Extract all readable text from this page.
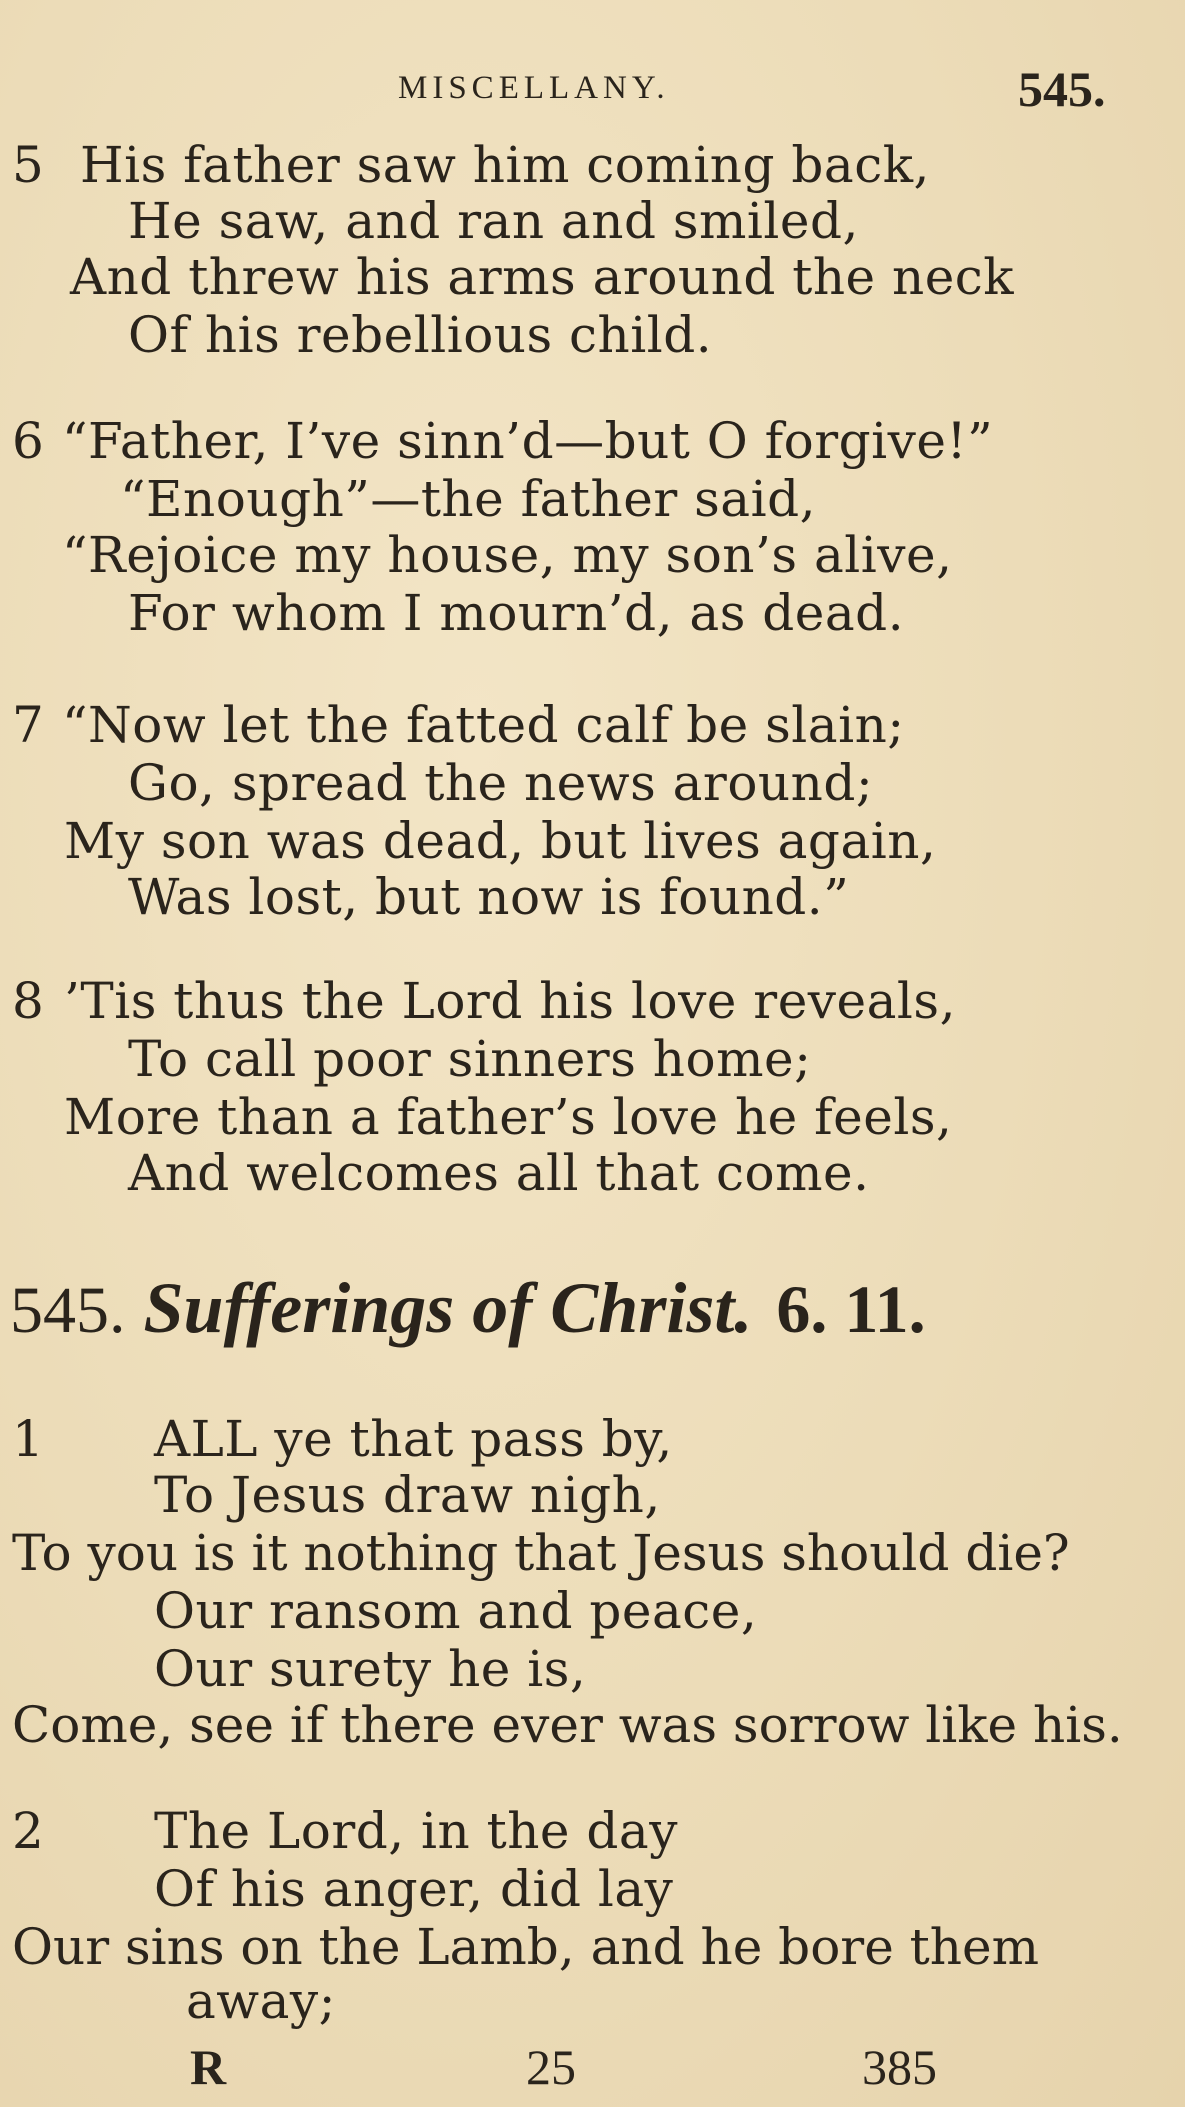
MISCELLANY.	545.
5 His father saw him coming back,
He saw, and ran and smiled,
And threw his arms around the neck
Of his rebellious child.
6 “Father, I’ve sinn’d—but O forgive!”
“Enough”—the father said,
“Rejoice my house, my son’s alive,
For whom I mourn’d, as dead.
7 “Now let the fatted calf be slain;
Go, spread the news around;
My son was dead, but lives again,
Was lost, but now is found.”
8 ’Tis thus the Lord his love reveals,
To call poor sinners home;
More than a father’s love he feels,
And welcomes all that come.
545. Sufferings of Christ. 6. 11.
1 ALL ye that pass by,
To Jesus draw nigh,
To you is it nothing that Jesus should die?
Our ransom and peace,
Our surety he is,
Come, see if there ever was sorrow like his.
2 The Lord, in the day
Of his anger, did lay
Our sins on the Lamb, and he bore them
away;
R	25	385
